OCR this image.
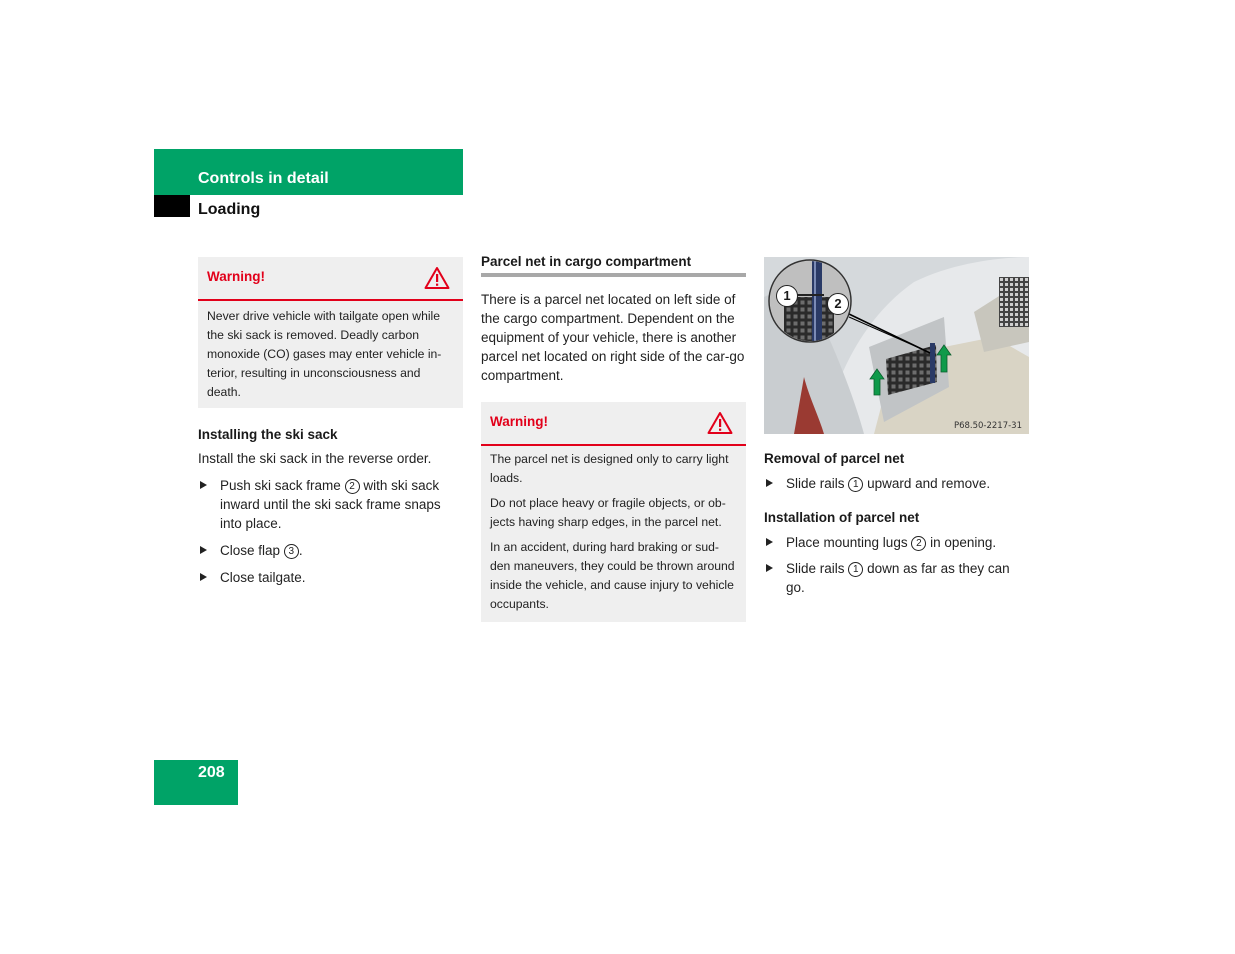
Controls in detail
Loading
Warning!

Never drive vehicle with tailgate open while the ski sack is removed. Deadly carbon monoxide (CO) gases may enter vehicle in-terior, resulting in unconsciousness and death.

Installing the ski sack
Install the ski sack in the reverse order.
Push ski sack frame 2 with ski sack inward until the ski sack frame snaps into place.
Close flap 3 .
Close tailgate.
Parcel net in cargo compartment
There is a parcel net located on left side of the cargo compartment. Dependent on the equipment of your vehicle, there is another parcel net located on right side of the car-go compartment.
Warning!

The parcel net is designed only to carry light loads.

Do not place heavy or fragile objects, or ob-jects having sharp edges, in the parcel net.

In an accident, during hard braking or sud-den maneuvers, they could be thrown around inside the vehicle, and cause injury to vehicle occupants.

1
2
P68.50-2217-31
Removal of parcel net
Slide rails 1 upward and remove.
Installation of parcel net
Place mounting lugs 2 in opening.
Slide rails 1 down as far as they can go.
208
